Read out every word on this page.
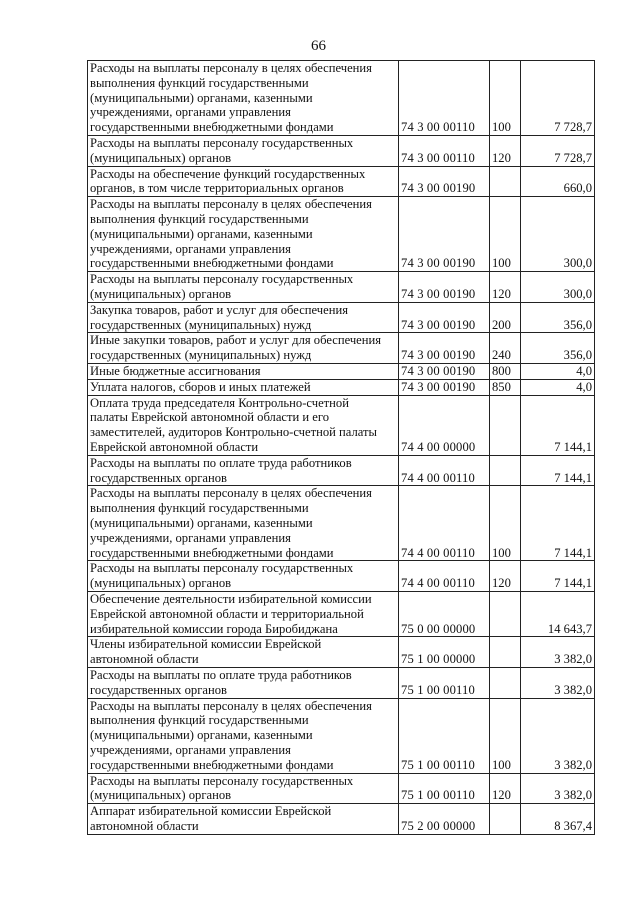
66
Расходы на выплаты персоналу в целях обеспечения
выполнения функций государственными
(муниципальными) органами, казенными
учреждениями, органами управления
государственными внебюджетными фондами	74 3 00 00110	100	7 728,7
Расходы на выплаты персоналу государственных
(муниципальных) органов	74 3 00 00110	120	7 728,7
Расходы на обеспечение функций государственных
органов, в том числе территориальных органов	74 3 00 00190		660,0
Расходы на выплаты персоналу в целях обеспечения
выполнения функций государственными
(муниципальными) органами, казенными
учреждениями, органами управления
государственными внебюджетными фондами	74 3 00 00190	100	300,0
Расходы на выплаты персоналу государственных
(муниципальных) органов	74 3 00 00190	120	300,0
Закупка товаров, работ и услуг для обеспечения
государственных (муниципальных) нужд	74 3 00 00190	200	356,0
Иные закупки товаров, работ и услуг для обеспечения
государственных (муниципальных) нужд	74 3 00 00190	240	356,0
Иные бюджетные ассигнования	74 3 00 00190	800	4,0
Уплата налогов, сборов и иных платежей	74 3 00 00190	850	4,0
Оплата труда председателя Контрольно-счетной
палаты Еврейской автономной области и его
заместителей, аудиторов Контрольно-счетной палаты
Еврейской автономной области	74 4 00 00000		7 144,1
Расходы на выплаты по оплате труда работников
государственных органов	74 4 00 00110		7 144,1
Расходы на выплаты персоналу в целях обеспечения
выполнения функций государственными
(муниципальными) органами, казенными
учреждениями, органами управления
государственными внебюджетными фондами	74 4 00 00110	100	7 144,1
Расходы на выплаты персоналу государственных
(муниципальных) органов	74 4 00 00110	120	7 144,1
Обеспечение деятельности избирательной комиссии
Еврейской автономной области и территориальной
избирательной комиссии города Биробиджана	75 0 00 00000		14 643,7
Члены избирательной комиссии Еврейской
автономной области	75 1 00 00000		3 382,0
Расходы на выплаты по оплате труда работников
государственных органов	75 1 00 00110		3 382,0
Расходы на выплаты персоналу в целях обеспечения
выполнения функций государственными
(муниципальными) органами, казенными
учреждениями, органами управления
государственными внебюджетными фондами	75 1 00 00110	100	3 382,0
Расходы на выплаты персоналу государственных
(муниципальных) органов	75 1 00 00110	120	3 382,0
Аппарат избирательной комиссии Еврейской
автономной области	75 2 00 00000		8 367,4
